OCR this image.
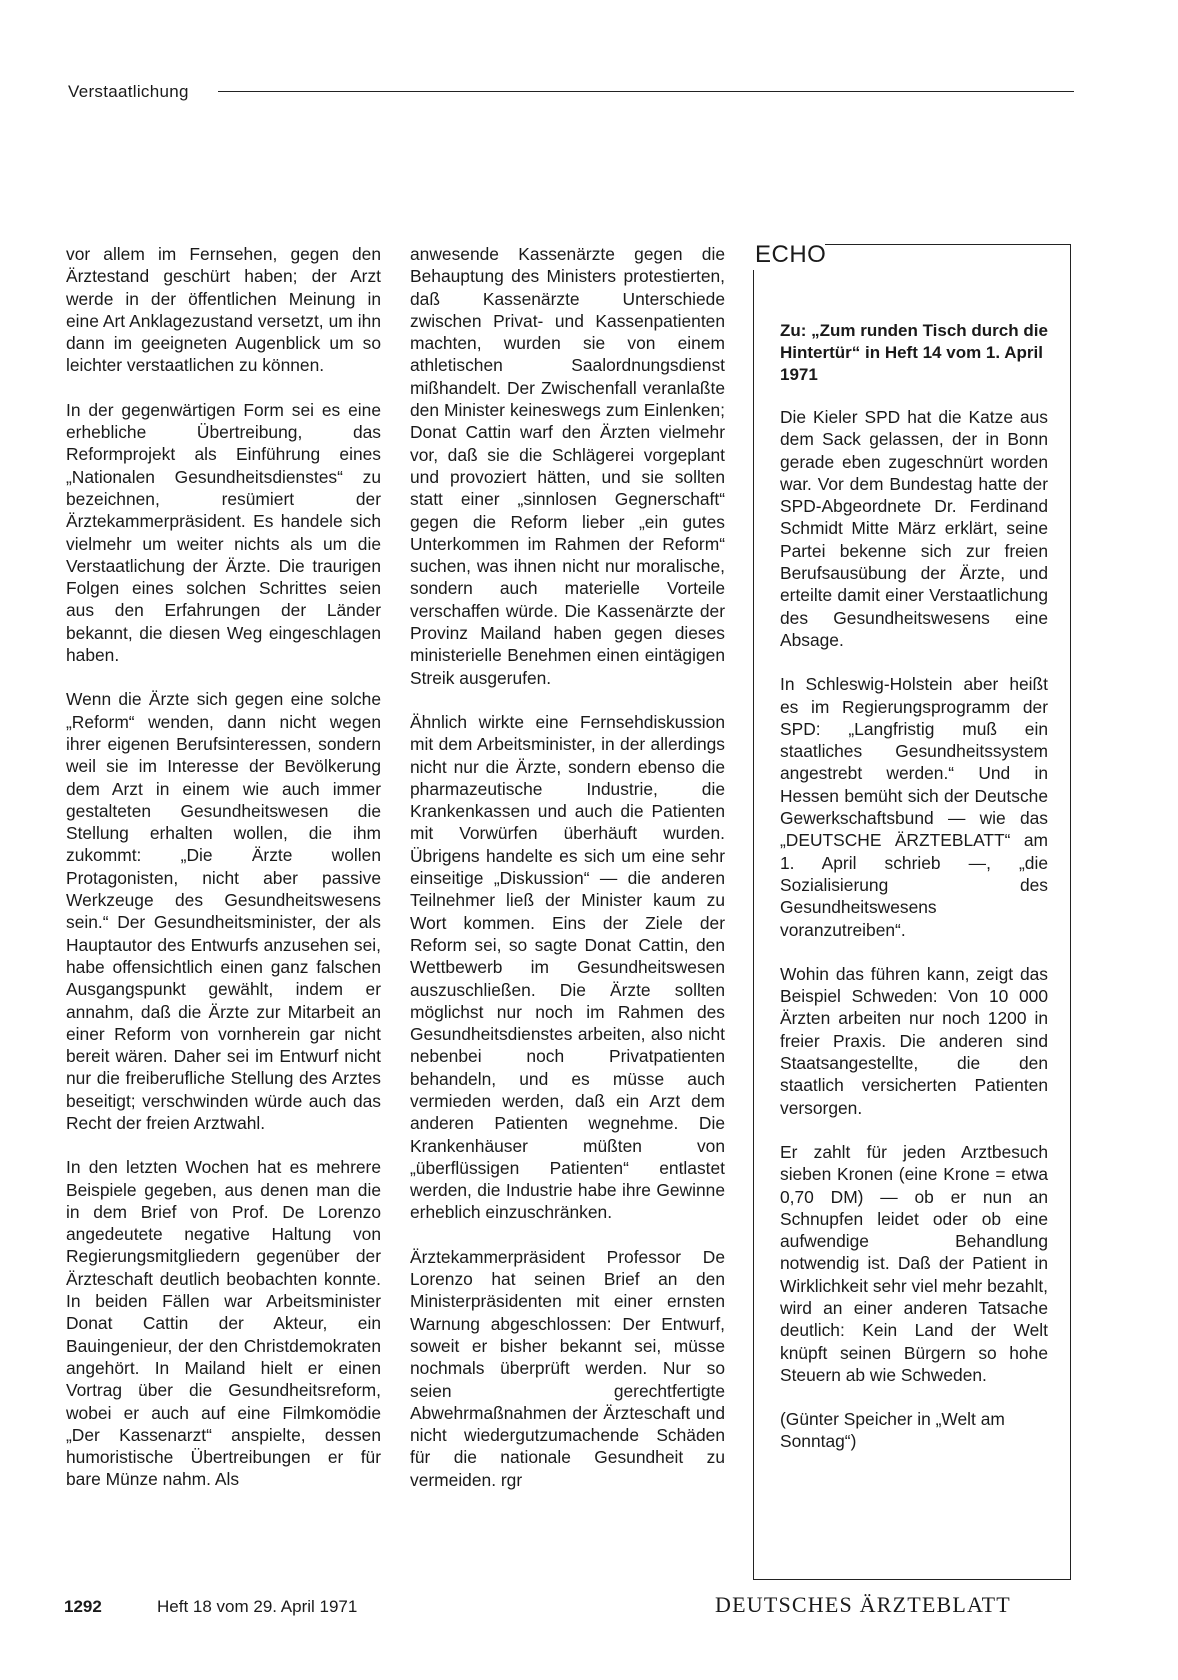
Verstaatlichung

vor allem im Fernsehen, gegen den Ärztestand geschürt haben; der Arzt werde in der öffentlichen Meinung in eine Art Anklagezustand versetzt, um ihn dann im geeigneten Augenblick um so leichter verstaatlichen zu können.

In der gegenwärtigen Form sei es eine erhebliche Übertreibung, das Reformprojekt als Einführung eines „Nationalen Gesundheitsdienstes“ zu bezeichnen, resümiert der Ärztekammerpräsident. Es handele sich vielmehr um weiter nichts als um die Verstaatlichung der Ärzte. Die traurigen Folgen eines solchen Schrittes seien aus den Erfahrungen der Länder bekannt, die diesen Weg eingeschlagen haben.

Wenn die Ärzte sich gegen eine solche „Reform“ wenden, dann nicht wegen ihrer eigenen Berufsinteressen, sondern weil sie im Interesse der Bevölkerung dem Arzt in einem wie auch immer gestalteten Gesundheitswesen die Stellung erhalten wollen, die ihm zukommt: „Die Ärzte wollen Protagonisten, nicht aber passive Werkzeuge des Gesundheitswesens sein.“ Der Gesundheitsminister, der als Hauptautor des Entwurfs anzusehen sei, habe offensichtlich einen ganz falschen Ausgangspunkt gewählt, indem er annahm, daß die Ärzte zur Mitarbeit an einer Reform von vornherein gar nicht bereit wären. Daher sei im Entwurf nicht nur die freiberufliche Stellung des Arztes beseitigt; verschwinden würde auch das Recht der freien Arztwahl.

In den letzten Wochen hat es mehrere Beispiele gegeben, aus denen man die in dem Brief von Prof. De Lorenzo angedeutete negative Haltung von Regierungsmitgliedern gegenüber der Ärzteschaft deutlich beobachten konnte. In beiden Fällen war Arbeitsminister Donat Cattin der Akteur, ein Bauingenieur, der den Christdemokraten angehört. In Mailand hielt er einen Vortrag über die Gesundheitsreform, wobei er auch auf eine Filmkomödie „Der Kassenarzt“ anspielte, dessen humoristische Übertreibungen er für bare Münze nahm. Als

anwesende Kassenärzte gegen die Behauptung des Ministers protestierten, daß Kassenärzte Unterschiede zwischen Privat- und Kassenpatienten machten, wurden sie von einem athletischen Saalordnungsdienst mißhandelt. Der Zwischenfall veranlaßte den Minister keineswegs zum Einlenken; Donat Cattin warf den Ärzten vielmehr vor, daß sie die Schlägerei vorgeplant und provoziert hätten, und sie sollten statt einer „sinnlosen Gegnerschaft“ gegen die Reform lieber „ein gutes Unterkommen im Rahmen der Reform“ suchen, was ihnen nicht nur moralische, sondern auch materielle Vorteile verschaffen würde. Die Kassenärzte der Provinz Mailand haben gegen dieses ministerielle Benehmen einen eintägigen Streik ausgerufen.

Ähnlich wirkte eine Fernsehdiskussion mit dem Arbeitsminister, in der allerdings nicht nur die Ärzte, sondern ebenso die pharmazeutische Industrie, die Krankenkassen und auch die Patienten mit Vorwürfen überhäuft wurden. Übrigens handelte es sich um eine sehr einseitige „Diskussion“ — die anderen Teilnehmer ließ der Minister kaum zu Wort kommen. Eins der Ziele der Reform sei, so sagte Donat Cattin, den Wettbewerb im Gesundheitswesen auszuschließen. Die Ärzte sollten möglichst nur noch im Rahmen des Gesundheitsdienstes arbeiten, also nicht nebenbei noch Privatpatienten behandeln, und es müsse auch vermieden werden, daß ein Arzt dem anderen Patienten wegnehme. Die Krankenhäuser müßten von „überflüssigen Patienten“ entlastet werden, die Industrie habe ihre Gewinne erheblich einzuschränken.

Ärztekammerpräsident Professor De Lorenzo hat seinen Brief an den Ministerpräsidenten mit einer ernsten Warnung abgeschlossen: Der Entwurf, soweit er bisher bekannt sei, müsse nochmals überprüft werden. Nur so seien gerechtfertigte Abwehrmaßnahmen der Ärzteschaft und nicht wiedergutzumachende Schäden für die nationale Gesundheit zu vermeiden. rgr

ECHO
Zu: „Zum runden Tisch durch die Hintertür“ in Heft 14 vom 1. April 1971

Die Kieler SPD hat die Katze aus dem Sack gelassen, der in Bonn gerade eben zugeschnürt worden war. Vor dem Bundestag hatte der SPD-Abgeordnete Dr. Ferdinand Schmidt Mitte März erklärt, seine Partei bekenne sich zur freien Berufsausübung der Ärzte, und erteilte damit einer Verstaatlichung des Gesundheitswesens eine Absage.

In Schleswig-Holstein aber heißt es im Regierungsprogramm der SPD: „Langfristig muß ein staatliches Gesundheitssystem angestrebt werden.“ Und in Hessen bemüht sich der Deutsche Gewerkschaftsbund — wie das „DEUTSCHE ÄRZTEBLATT“ am 1. April schrieb —, „die Sozialisierung des Gesundheitswesens voranzutreiben“.

Wohin das führen kann, zeigt das Beispiel Schweden: Von 10 000 Ärzten arbeiten nur noch 1200 in freier Praxis. Die anderen sind Staatsangestellte, die den staatlich versicherten Patienten versorgen.

Er zahlt für jeden Arztbesuch sieben Kronen (eine Krone = etwa 0,70 DM) — ob er nun an Schnupfen leidet oder ob eine aufwendige Behandlung notwendig ist. Daß der Patient in Wirklichkeit sehr viel mehr bezahlt, wird an einer anderen Tatsache deutlich: Kein Land der Welt knüpft seinen Bürgern so hohe Steuern ab wie Schweden.

(Günter Speicher in „Welt am Sonntag“)

1292	Heft 18 vom 29. April 1971	DEUTSCHES ÄRZTEBLATT
